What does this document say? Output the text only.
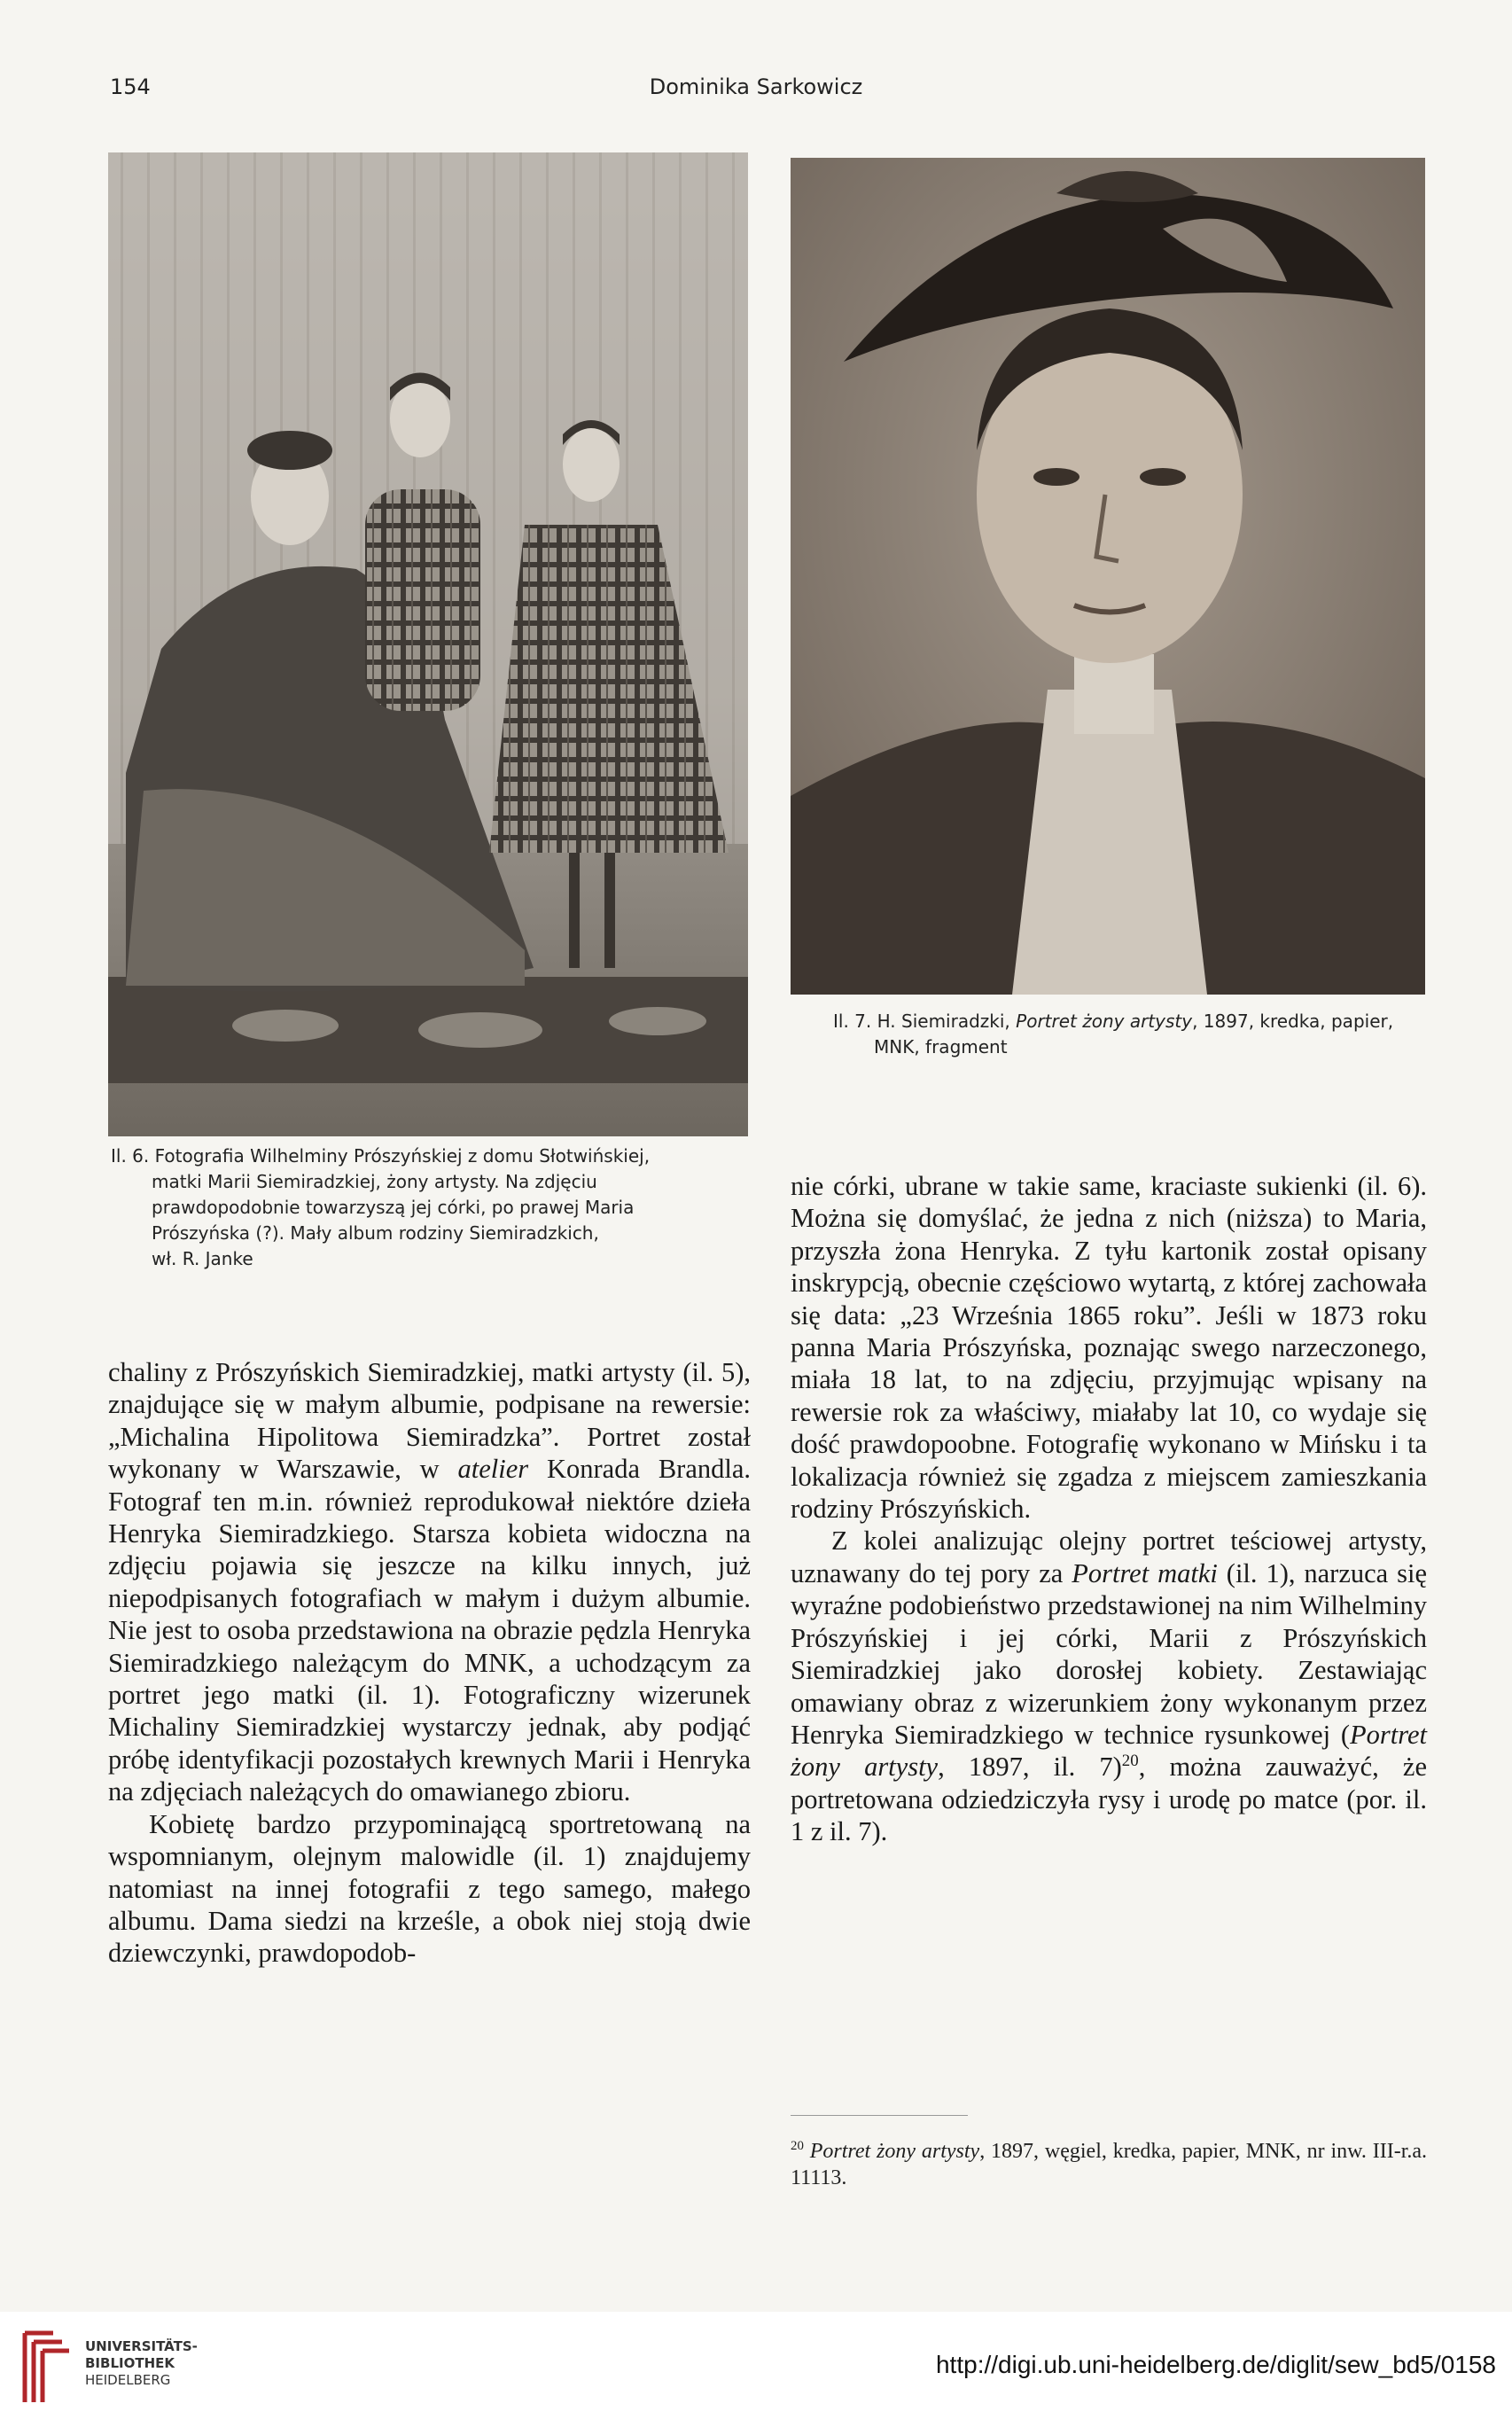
154	Dominika Sarkowicz

Il. 6. Fotografia Wilhelminy Prószyńskiej z domu Słotwińskiej,
matki Marii Siemiradzkiej, żony artysty. Na zdjęciu
prawdopodobnie towarzyszą jej córki, po prawej Maria
Prószyńska (?). Mały album rodziny Siemiradzkich,
wł. R. Janke

Il. 7. H. Siemiradzki, Portret żony artysty, 1897, kredka, papier,
MNK, fragment

chaliny z Prószyńskich Siemiradzkiej, matki artysty (il. 5), znajdujące się w małym albumie, podpisane na rewersie: „Michalina Hipolitowa Siemiradzka”. Portret został wykonany w Warszawie, w atelier Konrada Brandla. Fotograf ten m.in. również reprodukował niektóre dzieła Henryka Siemiradzkiego. Starsza kobieta widoczna na zdjęciu pojawia się jeszcze na kilku innych, już niepodpisanych fotografiach w małym i dużym albumie. Nie jest to osoba przedstawiona na obrazie pędzla Henryka Siemiradzkiego należącym do MNK, a uchodzącym za portret jego matki (il. 1). Fotograficzny wizerunek Michaliny Siemiradzkiej wystarczy jednak, aby podjąć próbę identyfikacji pozostałych krewnych Marii i Henryka na zdjęciach należących do omawianego zbioru.

Kobietę bardzo przypominającą sportretowaną na wspomnianym, olejnym malowidle (il. 1) znajdujemy natomiast na innej fotografii z tego samego, małego albumu. Dama siedzi na krześle, a obok niej stoją dwie dziewczynki, prawdopodob-

nie córki, ubrane w takie same, kraciaste sukienki (il. 6). Można się domyślać, że jedna z nich (niższa) to Maria, przyszła żona Henryka. Z tyłu kartonik został opisany inskrypcją, obecnie częściowo wytartą, z której zachowała się data: „23 Września 1865 roku”. Jeśli w 1873 roku panna Maria Prószyńska, poznając swego narzeczonego, miała 18 lat, to na zdjęciu, przyjmując wpisany na rewersie rok za właściwy, miałaby lat 10, co wydaje się dość prawdopoobne. Fotografię wykonano w Mińsku i ta lokalizacja również się zgadza z miejscem zamieszkania rodziny Prószyńskich.

Z kolei analizując olejny portret teściowej artysty, uznawany do tej pory za Portret matki (il. 1), narzuca się wyraźne podobieństwo przedstawionej na nim Wilhelminy Prószyńskiej i jej córki, Marii z Prószyńskich Siemiradzkiej jako dorosłej kobiety. Zestawiając omawiany obraz z wizerunkiem żony wykonanym przez Henryka Siemiradzkiego w technice rysunkowej (Portret żony artysty, 1897, il. 7)$^{20}$, można zauważyć, że portretowana odziedziczyła rysy i urodę po matce (por. il. 1 z il. 7).

$^{20}$ Portret żony artysty, 1897, węgiel, kredka, papier, MNK, nr inw. III-r.a. 11113.

UNIVERSITÄTS-
BIBLIOTHEK
HEIDELBERG

http://digi.ub.uni-heidelberg.de/diglit/sew_bd5/0158
